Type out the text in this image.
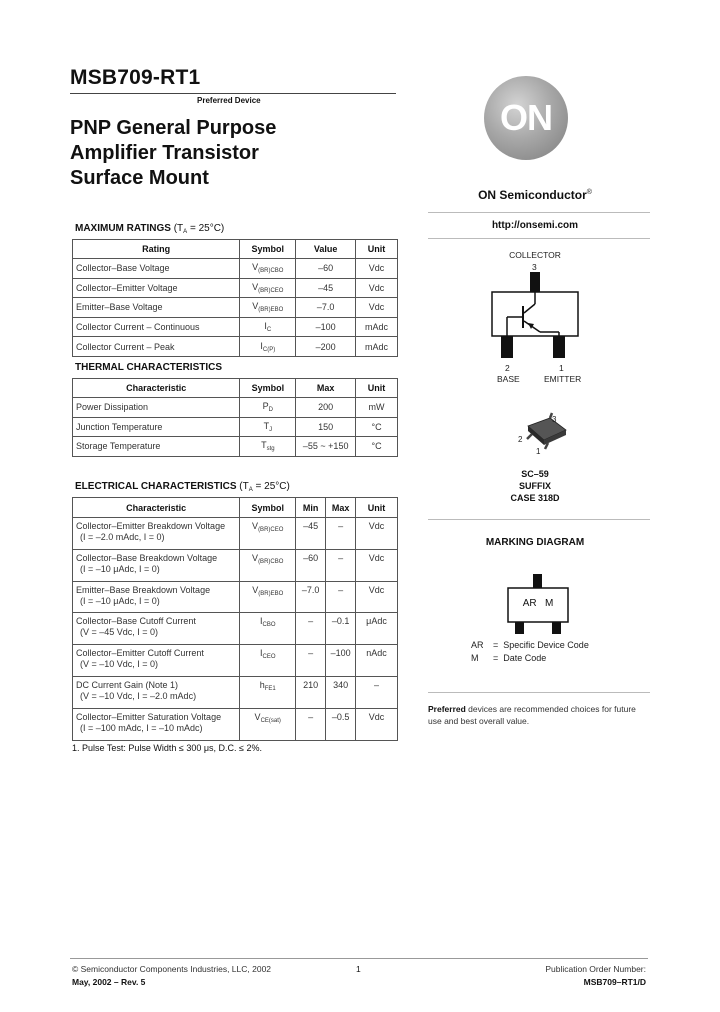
MSB709-RT1
Preferred Device
PNP General Purpose
Amplifier Transistor
Surface Mount
MAXIMUM RATINGS $(T_A = 25^\circ C)$
Rating	Symbol	Value	Unit
Collector–Base Voltage	$V_{(BR)CBO}$	–60	Vdc
Collector–Emitter Voltage	$V_{(BR)CEO}$	–45	Vdc
Emitter–Base Voltage	$V_{(BR)EBO}$	–7.0	Vdc
Collector Current – Continuous	$I_C$	–100	mAdc
Collector Current – Peak	$I_{C(P)}$	–200	mAdc
THERMAL CHARACTERISTICS
Characteristic	Symbol	Max	Unit
Power Dissipation	$P_D$	200	mW
Junction Temperature	$T_J$	150	°C
Storage Temperature	$T_{stg}$	–55 ~ +150	°C
ELECTRICAL CHARACTERISTICS $(T_A = 25^\circ C)$
Characteristic	Symbol	Min	Max	Unit

Collector–Emitter Breakdown Voltage
(I = –2.0 mAdc, I = 0)	$V_{(BR)CEO}$	–45	–	Vdc

Collector–Base Breakdown Voltage
(I = –10 μAdc, I = 0)	$V_{(BR)CBO}$	–60	–	Vdc

Emitter–Base Breakdown Voltage
(I = –10 μAdc, I = 0)	$V_{(BR)EBO}$	–7.0	–	Vdc

Collector–Base Cutoff Current
(V = –45 Vdc, I = 0)	$I_{CBO}$	–	–0.1	μAdc

Collector–Emitter Cutoff Current
(V = –10 Vdc, I = 0)	$I_{CEO}$	–	–100	nAdc

DC Current Gain (Note 1)
(V = –10 Vdc, I = –2.0 mAdc)	$h_{FE1}$	210	340	–

Collector–Emitter Saturation Voltage
(I = –100 mAdc, I = –10 mAdc)	$V_{CE(sat)}$	–	–0.5	Vdc
1. Pulse Test: Pulse Width ≤ 300 μs, D.C. ≤ 2%.
ON
ON Semiconductor®
http://onsemi.com
COLLECTOR
3
2	1
BASE	EMITTER
3
2
1
SC–59
SUFFIX
CASE 318D
MARKING DIAGRAM
AR   M
AR = Specific Device Code
M = Date Code
Preferred devices are recommended choices for future use and best overall value.
© Semiconductor Components Industries, LLC, 2002
May, 2002 – Rev. 5
1	Publication Order Number:
MSB709–RT1/D
